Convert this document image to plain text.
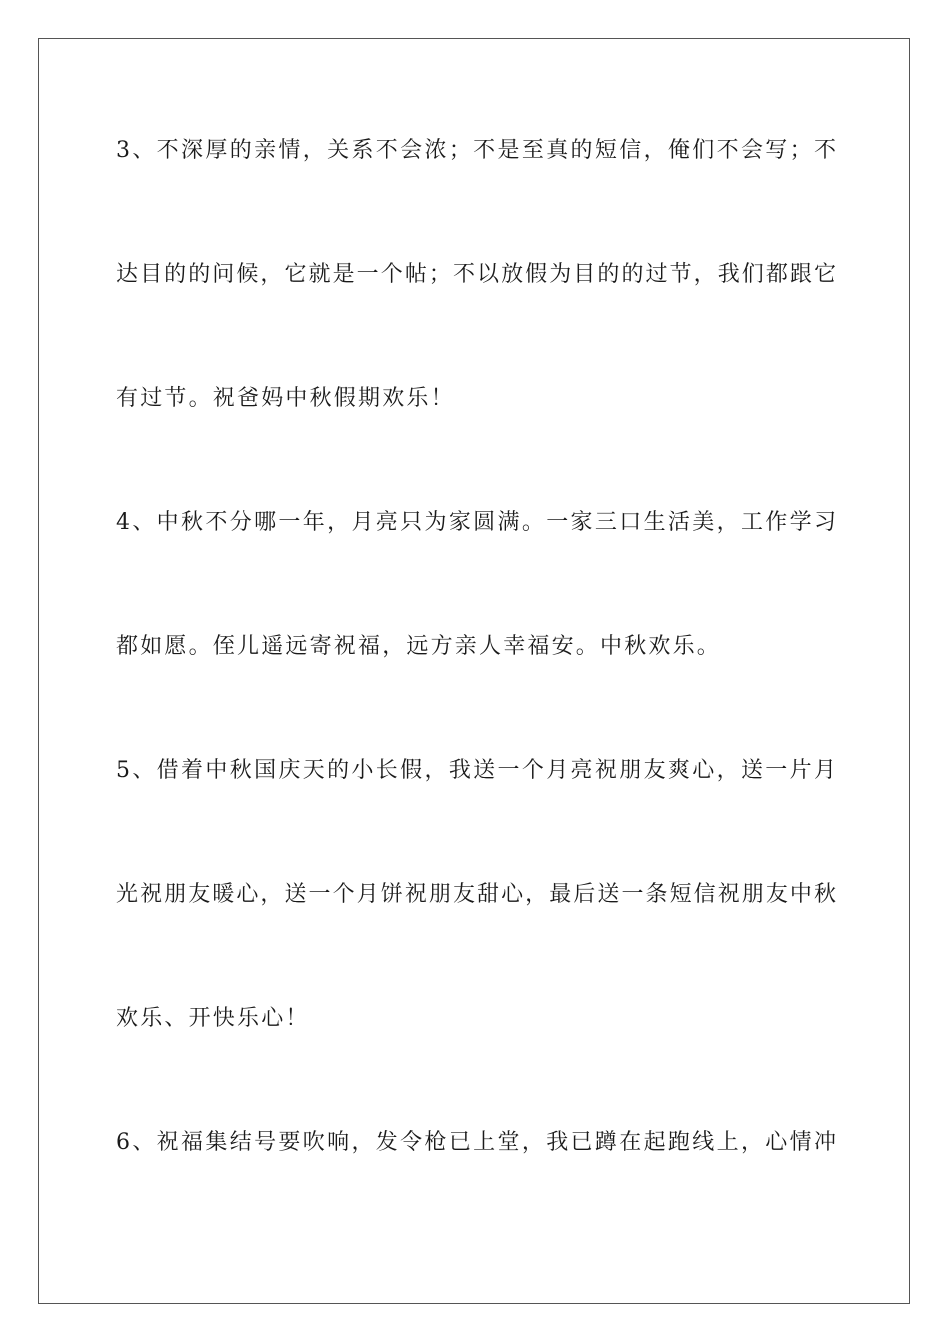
3、不深厚的亲情，关系不会浓；不是至真的短信，俺们不会写；不
达目的的问候，它就是一个帖；不以放假为目的的过节，我们都跟它
有过节。祝爸妈中秋假期欢乐！
4、中秋不分哪一年，月亮只为家圆满。一家三口生活美，工作学习
都如愿。侄儿遥远寄祝福，远方亲人幸福安。中秋欢乐。
5、借着中秋国庆天的小长假，我送一个月亮祝朋友爽心，送一片月
光祝朋友暖心，送一个月饼祝朋友甜心，最后送一条短信祝朋友中秋
欢乐、开快乐心！
6、祝福集结号要吹响，发令枪已上堂，我已蹲在起跑线上，心情冲
